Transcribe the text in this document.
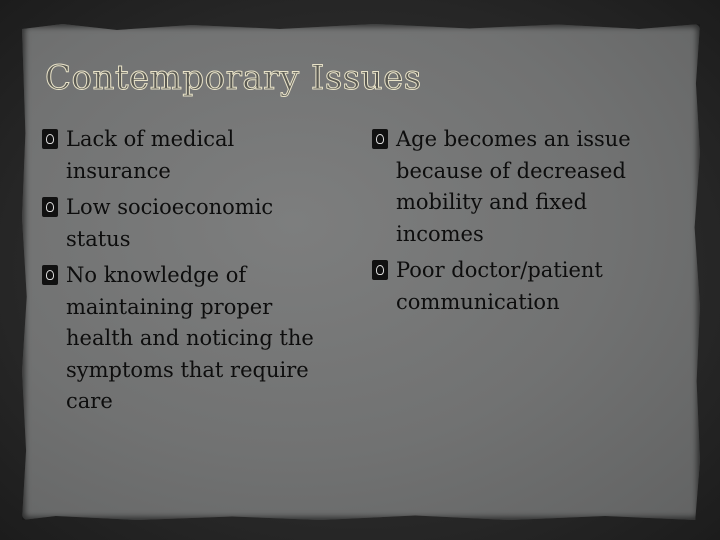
Contemporary Issues
Lack of medical insurance
Low socioeconomic status
No knowledge of maintaining proper health and noticing the symptoms that require care
Age becomes an issue because of decreased mobility and fixed incomes
Poor doctor/patient communication
